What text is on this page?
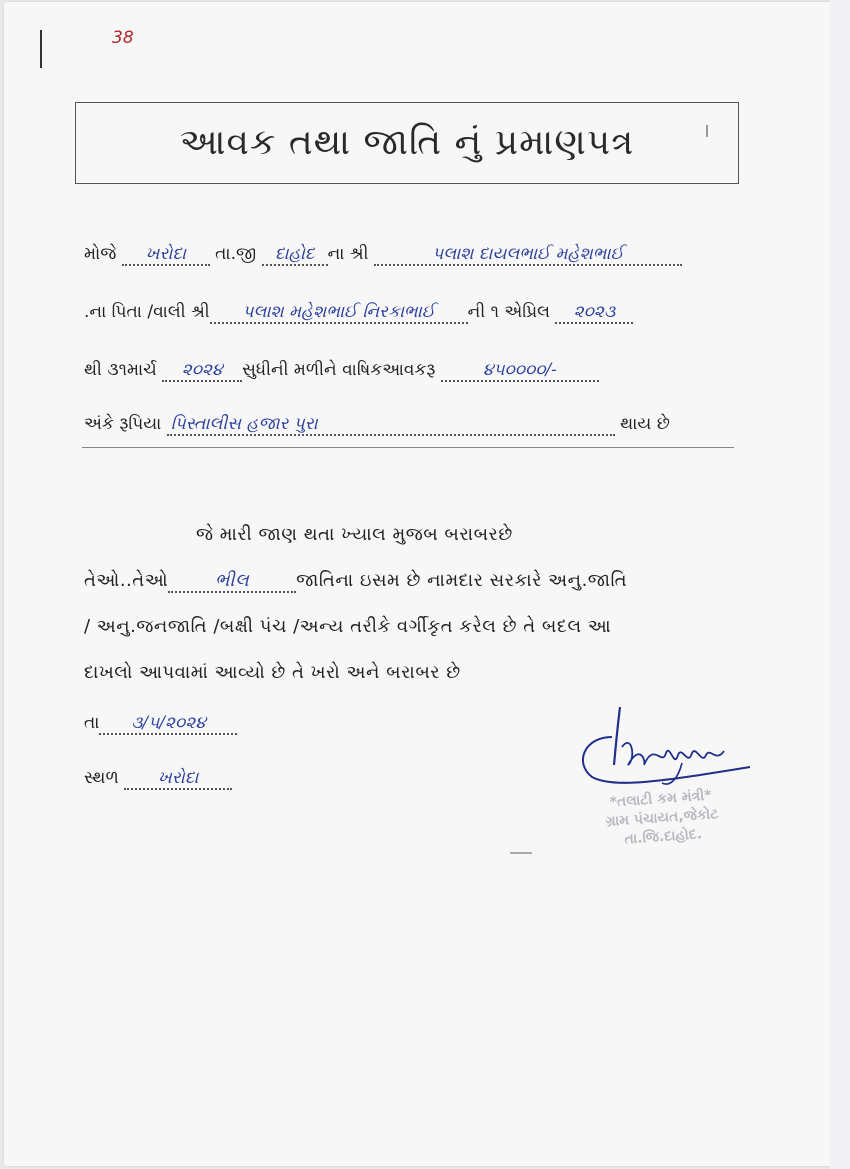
38
આવક તથા જાતિ નું પ્રમાણપત્ર
મોજે ખરોદા તા.જી દાહોદ ના શ્રી	પલાશ દાયલભાઈ મહેશભાઈ
.ના પિતા /વાલી શ્રી પલાશ મહેશભાઈ નિરકાભાઈ ની ૧ એપ્રિલ ૨૦૨૩
થી ૩૧માર્ચ ૨૦૨૪ સુધીની મળીને વાષિકઆવકરૂ	૪૫૦૦૦૦/-
અંકે રૂપિયા પિસ્તાલીસ હજાર પુરા	થાય છે
જે મારી જાણ થતા ખ્યાલ મુજબ બરાબરછે
તેઓ..તેઓ	ભીલ	જાતિના ઇસમ છે નામદાર સરકારે અનુ.જાતિ
/ અનુ.જનજાતિ /બક્ષી પંચ /અન્ય તરીકે વર્ગીકૃત કરેલ છે તે બદલ આ
દાખલો આપવામાં આવ્યો છે તે ખરો અને બરાબર છે
તા ૩/૫/૨૦૨૪
સ્થળ ખરોદા
*તલાટી કમ મંત્રી*
ગ્રામ પંચાયત,જેકોટ
તા.જિ.દાહોદ.
